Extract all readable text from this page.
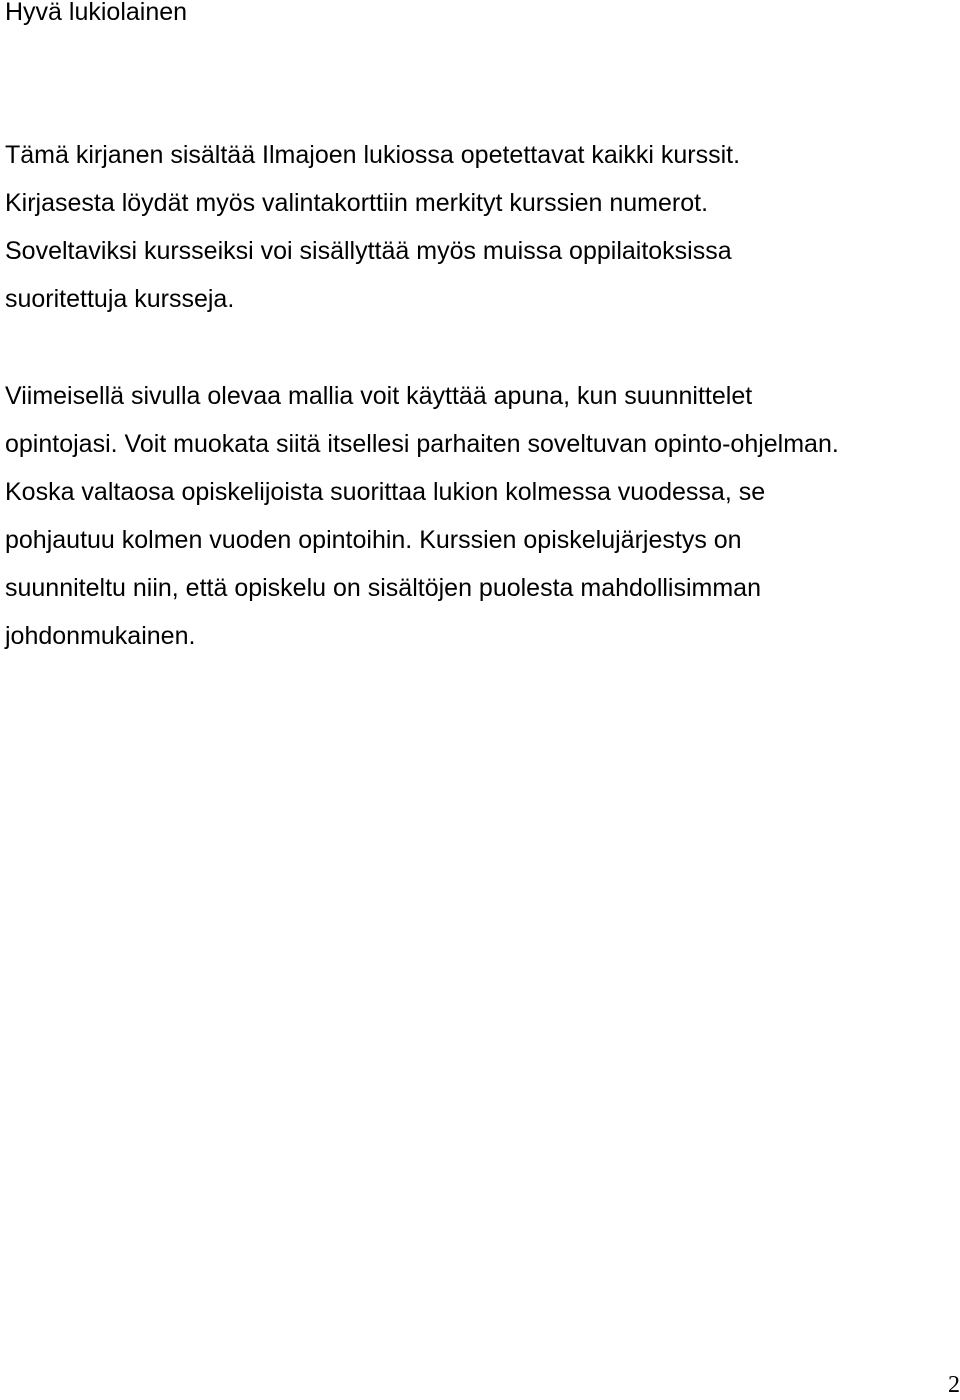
Hyvä lukiolainen

Tämä kirjanen sisältää Ilmajoen lukiossa opetettavat kaikki kurssit.

Kirjasesta löydät myös valintakorttiin merkityt kurssien numerot.

Soveltaviksi kursseiksi voi sisällyttää myös muissa oppilaitoksissa

suoritettuja kursseja.

Viimeisellä sivulla olevaa mallia voit käyttää apuna, kun suunnittelet

opintojasi. Voit muokata siitä itsellesi parhaiten soveltuvan opinto-ohjelman.

Koska valtaosa opiskelijoista suorittaa lukion kolmessa vuodessa, se

pohjautuu kolmen vuoden opintoihin. Kurssien opiskelujärjestys on

suunniteltu niin, että opiskelu on sisältöjen puolesta mahdollisimman

johdonmukainen.

2
